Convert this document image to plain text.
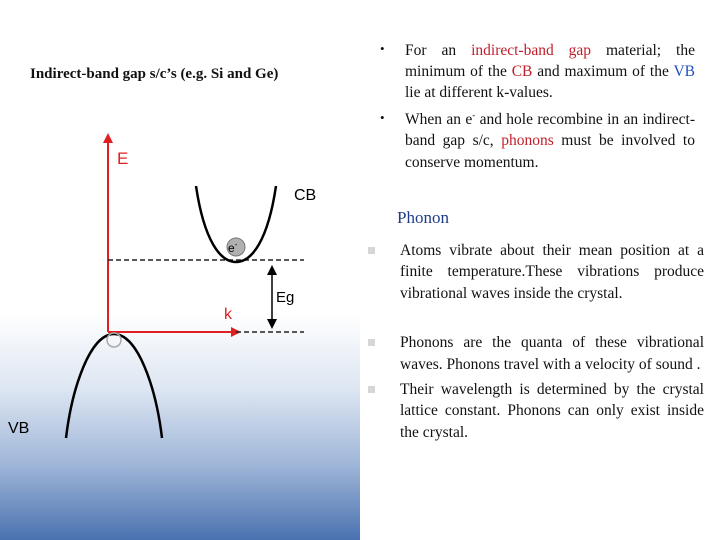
Indirect-band gap s/c’s (e.g. Si and Ge)
E
k
CB
VB
Eg
e-
• For an indirect-band gap material; the minimum of the CB and maximum of the VB lie at different k-values.
• When an e- and hole recombine in an indirect-band gap s/c, phonons must be involved to conserve momentum.
Phonon
Atoms vibrate about their mean position at a finite temperature.These vibrations produce vibrational waves inside the crystal.
Phonons are the quanta of these vibrational waves. Phonons travel with a velocity of sound .
Their wavelength is determined by the crystal lattice constant. Phonons can only exist inside the crystal.
